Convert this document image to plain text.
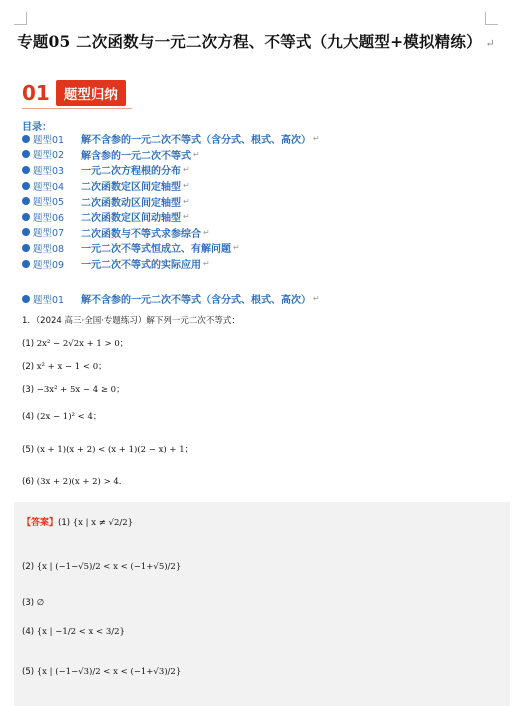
专题05 二次函数与一元二次方程、不等式（九大题型+模拟精练） ↵
01	题型归纳
目录：
题型01	解不含参的一元二次不等式（含分式、根式、高次） ↵
题型02	解含参的一元二次不等式 ↵
题型03	一元二次方程根的分布 ↵
题型04	二次函数定区间定轴型 ↵
题型05	二次函数动区间定轴型 ↵
题型06	二次函数定区间动轴型 ↵
题型07	二次函数与不等式求参综合 ↵
题型08	一元二次不等式恒成立、有解问题 ↵
题型09	一元二次不等式的实际应用 ↵
题型01	解不含参的一元二次不等式（含分式、根式、高次） ↵
1．（2024 高三·全国·专题练习）解下列一元二次不等式：
(1) 2x² − 2√2x + 1 > 0；
(2) x² + x − 1 < 0；
(3) −3x² + 5x − 4 ≥ 0；
(4) (2x − 1)² < 4；
(5) (x + 1)(x + 2) < (x + 1)(2 − x) + 1；
(6) (3x + 2)(x + 2) > 4．
【答案】(1) {x | x ≠ √2/2}
(2) {x | (−1−√5)/2 < x < (−1+√5)/2}
(3) ∅
(4) {x | −1/2 < x < 3/2}
(5) {x | (−1−√3)/2 < x < (−1+√3)/2}
